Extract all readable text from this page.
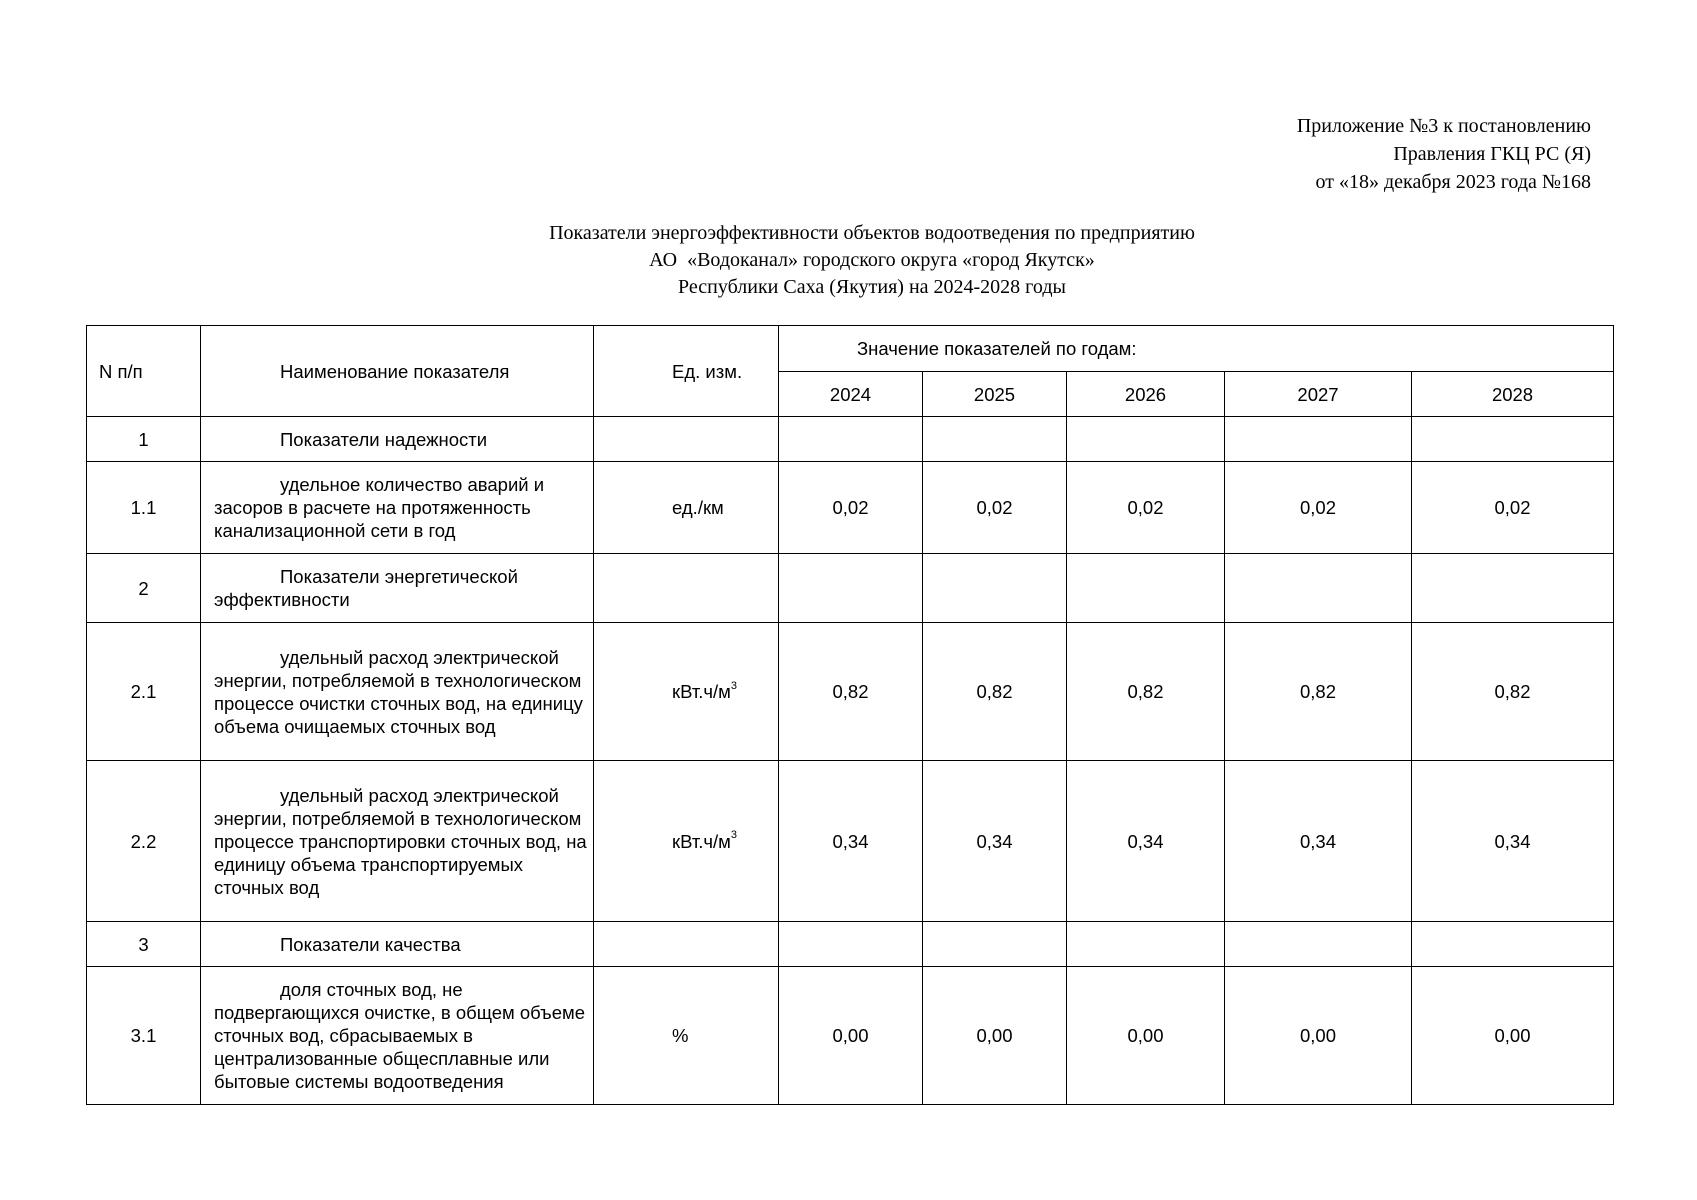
Приложение №3 к постановлению
Правления ГКЦ РС (Я)
от «18» декабря 2023 года №168
Показатели энергоэффективности объектов водоотведения по предприятию
АО  «Водоканал» городского округа «город Якутск»
Республики Саха (Якутия) на 2024-2028 годы
N п/п	Наименование показателя	Ед. изм.	Значение показателей по годам:				
			2024	2025	2026	2027	2028
1	Показатели надежности						
1.1	удельное количество аварий и засоров в расчете на протяженность канализационной сети в год	ед./км	0,02	0,02	0,02	0,02	0,02
2	Показатели энергетической эффективности						
2.1	удельный расход электрической энергии, потребляемой в технологическом процессе очистки сточных вод, на единицу объема очищаемых сточных вод	$кВт.ч/м^3$	0,82	0,82	0,82	0,82	0,82
2.2	удельный расход электрической энергии, потребляемой в технологическом процессе транспортировки сточных вод, на единицу объема транспортируемых сточных вод	$кВт.ч/м^3$	0,34	0,34	0,34	0,34	0,34
3	Показатели качества						
3.1	доля сточных вод, не подвергающихся очистке, в общем объеме сточных вод, сбрасываемых в централизованные общесплавные или бытовые системы водоотведения	%	0,00	0,00	0,00	0,00	0,00
